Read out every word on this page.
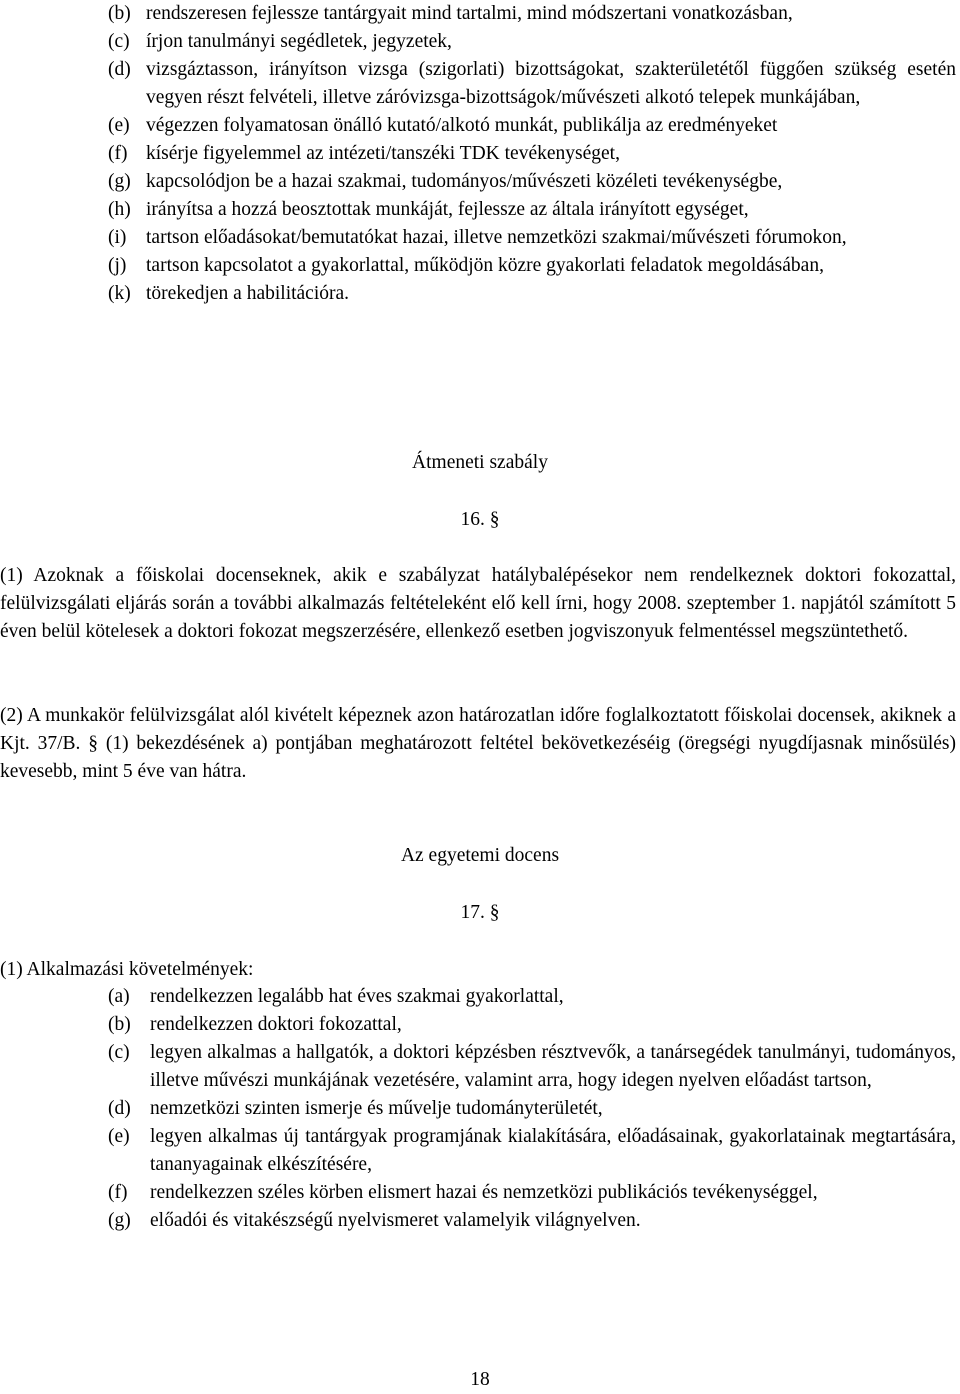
(b) rendszeresen fejlessze tantárgyait mind tartalmi, mind módszertani vonatkozásban,
(c) írjon tanulmányi segédletek, jegyzetek,
(d) vizsgáztasson, irányítson vizsga (szigorlati) bizottságokat, szakterületétől függően szükség esetén vegyen részt felvételi, illetve záróvizsga-bizottságok/művészeti alkotó telepek munkájában,
(e) végezzen folyamatosan önálló kutató/alkotó munkát, publikálja az eredményeket
(f) kísérje figyelemmel az intézeti/tanszéki TDK tevékenységet,
(g) kapcsolódjon be a hazai szakmai, tudományos/művészeti közéleti tevékenységbe,
(h) irányítsa a hozzá beosztottak munkáját, fejlessze az általa irányított egységet,
(i)	tartson előadásokat/bemutatókat hazai, illetve nemzetközi szakmai/művészeti fórumokon,
(j)	tartson kapcsolatot a gyakorlattal, működjön közre gyakorlati feladatok megoldásában,
(k) törekedjen a habilitációra.
Átmeneti szabály
16. §

(1) Azoknak a főiskolai docenseknek, akik e szabályzat hatálybalépésekor nem rendelkeznek doktori fokozattal, felülvizsgálati eljárás során a további alkalmazás feltételeként elő kell írni, hogy 2008. szeptember 1. napjától számított 5 éven belül kötelesek a doktori fokozat megszerzésére, ellenkező esetben jogviszonyuk felmentéssel megszüntethető.

(2) A munkakör felülvizsgálat alól kivételt képeznek azon határozatlan időre foglalkoztatott főiskolai docensek, akiknek a Kjt. 37/B. § (1) bekezdésének a) pontjában meghatározott feltétel bekövetkezéséig (öregségi nyugdíjasnak minősülés) kevesebb, mint 5 éve van hátra.

Az egyetemi docens
17. §
(1) Alkalmazási követelmények:
(a)	rendelkezzen legalább hat éves szakmai gyakorlattal,
(b) rendelkezzen doktori fokozattal,
(c)	legyen alkalmas a hallgatók, a doktori képzésben résztvevők, a tanársegédek tanulmányi, tudományos, illetve művészi munkájának vezetésére, valamint arra, hogy idegen nyelven előadást tartson,
(d) nemzetközi szinten ismerje és művelje tudományterületét,
(e)	legyen alkalmas új tantárgyak programjának kialakítására, előadásainak, gyakorlatainak megtartására, tananyagainak elkészítésére,
(f)	rendelkezzen széles körben elismert hazai és nemzetközi publikációs tevékenységgel,
(g) előadói és vitakészségű nyelvismeret valamelyik világnyelven.
18
